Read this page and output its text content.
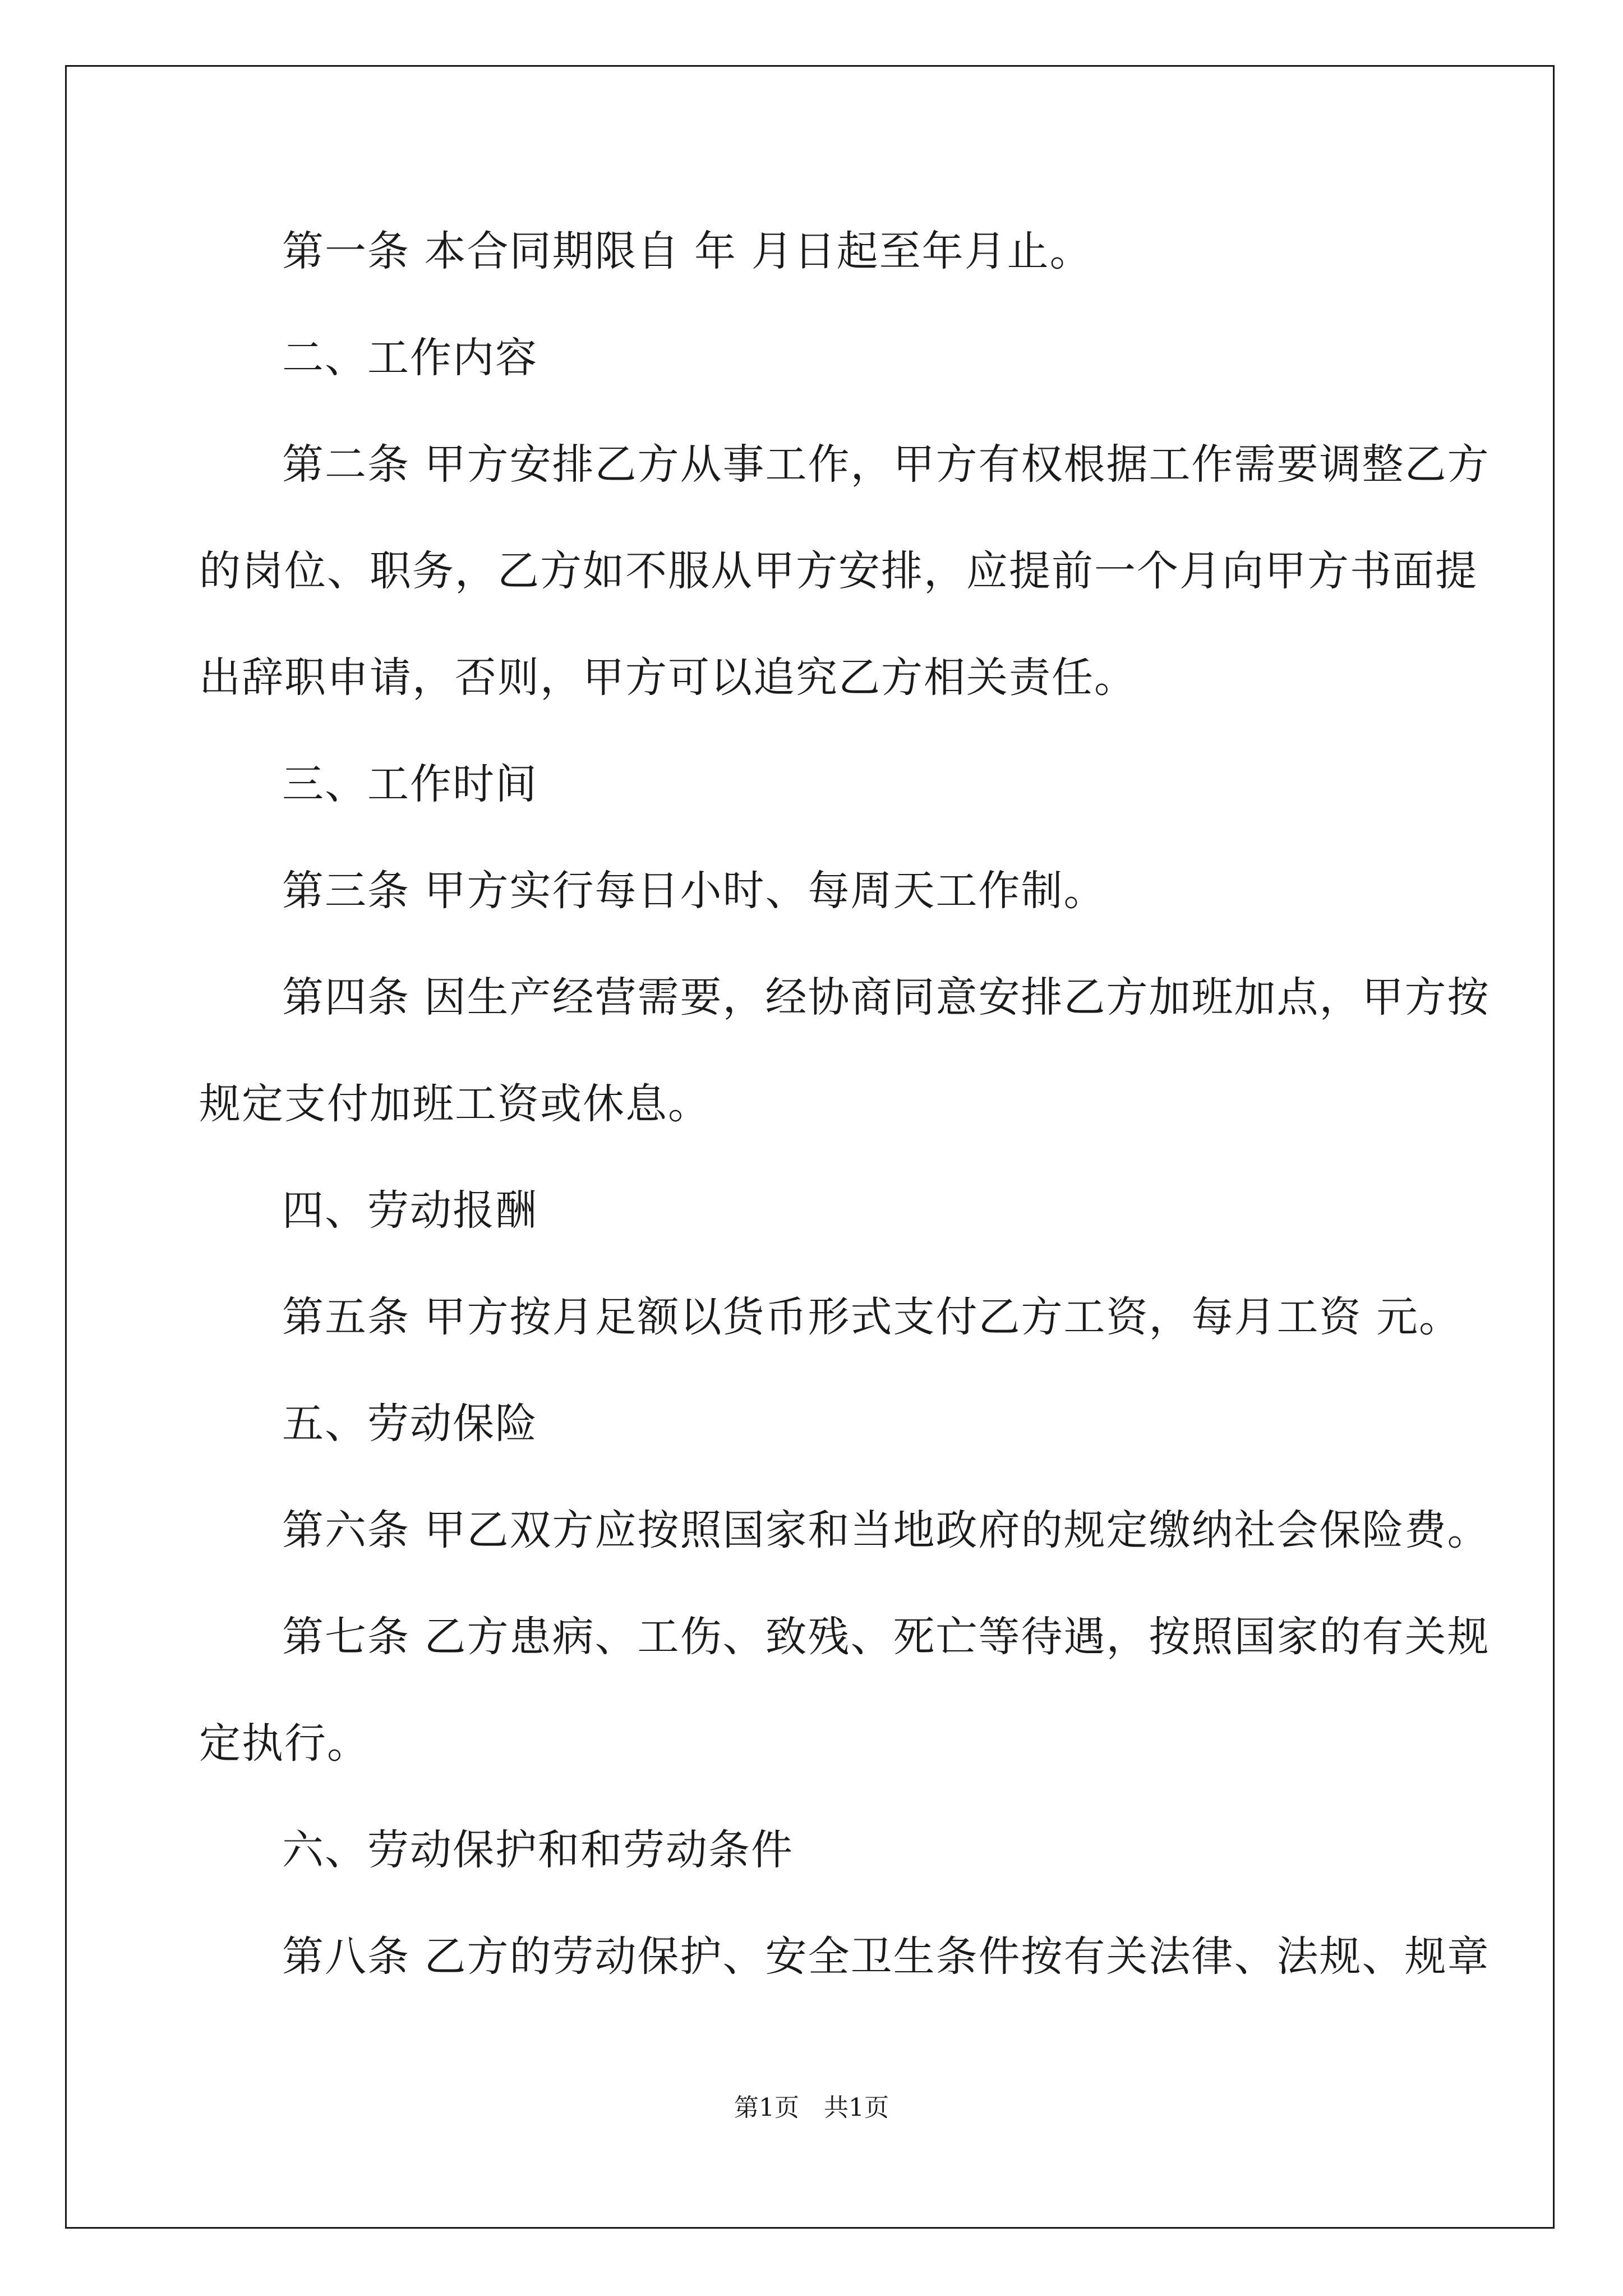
第一条 本合同期限自 年 月日起至年月止。
二、工作内容
第二条 甲方安排乙方从事工作，甲方有权根据工作需要调整乙方
的岗位、职务，乙方如不服从甲方安排，应提前一个月向甲方书面提
出辞职申请，否则，甲方可以追究乙方相关责任。
三、工作时间
第三条 甲方实行每日小时、每周天工作制。
第四条 因生产经营需要，经协商同意安排乙方加班加点，甲方按
规定支付加班工资或休息。
四、劳动报酬
第五条 甲方按月足额以货币形式支付乙方工资，每月工资 元。
五、劳动保险
第六条 甲乙双方应按照国家和当地政府的规定缴纳社会保险费。
第七条 乙方患病、工伤、致残、死亡等待遇，按照国家的有关规
定执行。
六、劳动保护和和劳动条件
第八条 乙方的劳动保护、安全卫生条件按有关法律、法规、规章
第1页 共1页
